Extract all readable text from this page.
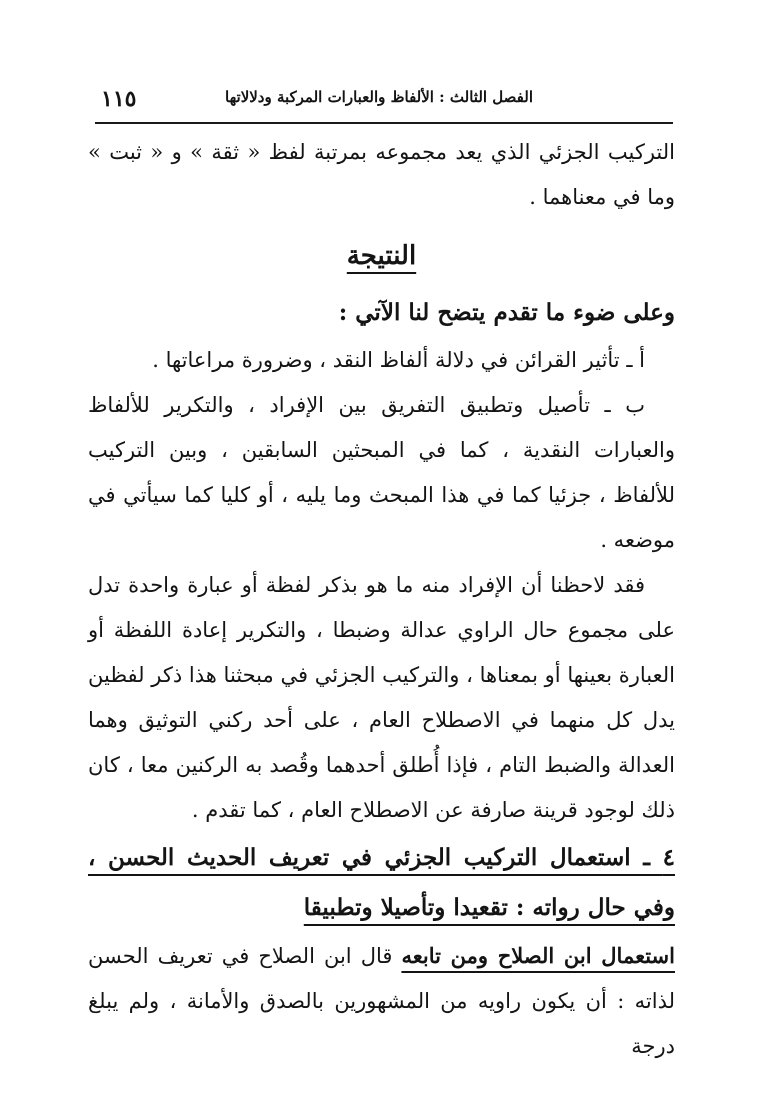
الفصل الثالث : الألفاظ والعبارات المركبة ودلالاتها
١١٥

التركيب الجزئي الذي يعد مجموعه بمرتبة لفظ « ثقة » و « ثبت » وما في معناهما .

النتيجة

وعلى ضوء ما تقدم يتضح لنا الآتي :

أ ـ تأثير القرائن في دلالة ألفاظ النقد ، وضرورة مراعاتها .

ب ـ تأصيل وتطبيق التفريق بين الإفراد ، والتكرير للألفاظ والعبارات النقدية ، كما في المبحثين السابقين ، وبين التركيب للألفاظ ، جزئيا كما في هذا المبحث وما يليه ، أو كليا كما سيأتي في موضعه .

فقد لاحظنا أن الإفراد منه ما هو بذكر لفظة أو عبارة واحدة تدل على مجموع حال الراوي عدالة وضبطا ، والتكرير إعادة اللفظة أو العبارة بعينها أو بمعناها ، والتركيب الجزئي في مبحثنا هذا ذكر لفظين يدل كل منهما في الاصطلاح العام ، على أحد ركني التوثيق وهما العدالة والضبط التام ، فإذا أُطلق أحدهما وقُصد به الركنين معا ، كان ذلك لوجود قرينة صارفة عن الاصطلاح العام ، كما تقدم .

٤ ـ استعمال التركيب الجزئي في تعريف الحديث الحسن ، وفي حال رواته : تقعيدا وتأصيلا وتطبيقا

استعمال ابن الصلاح ومن تابعه قال ابن الصلاح في تعريف الحسن لذاته : أن يكون راويه من المشهورين بالصدق والأمانة ، ولم يبلغ درجة
